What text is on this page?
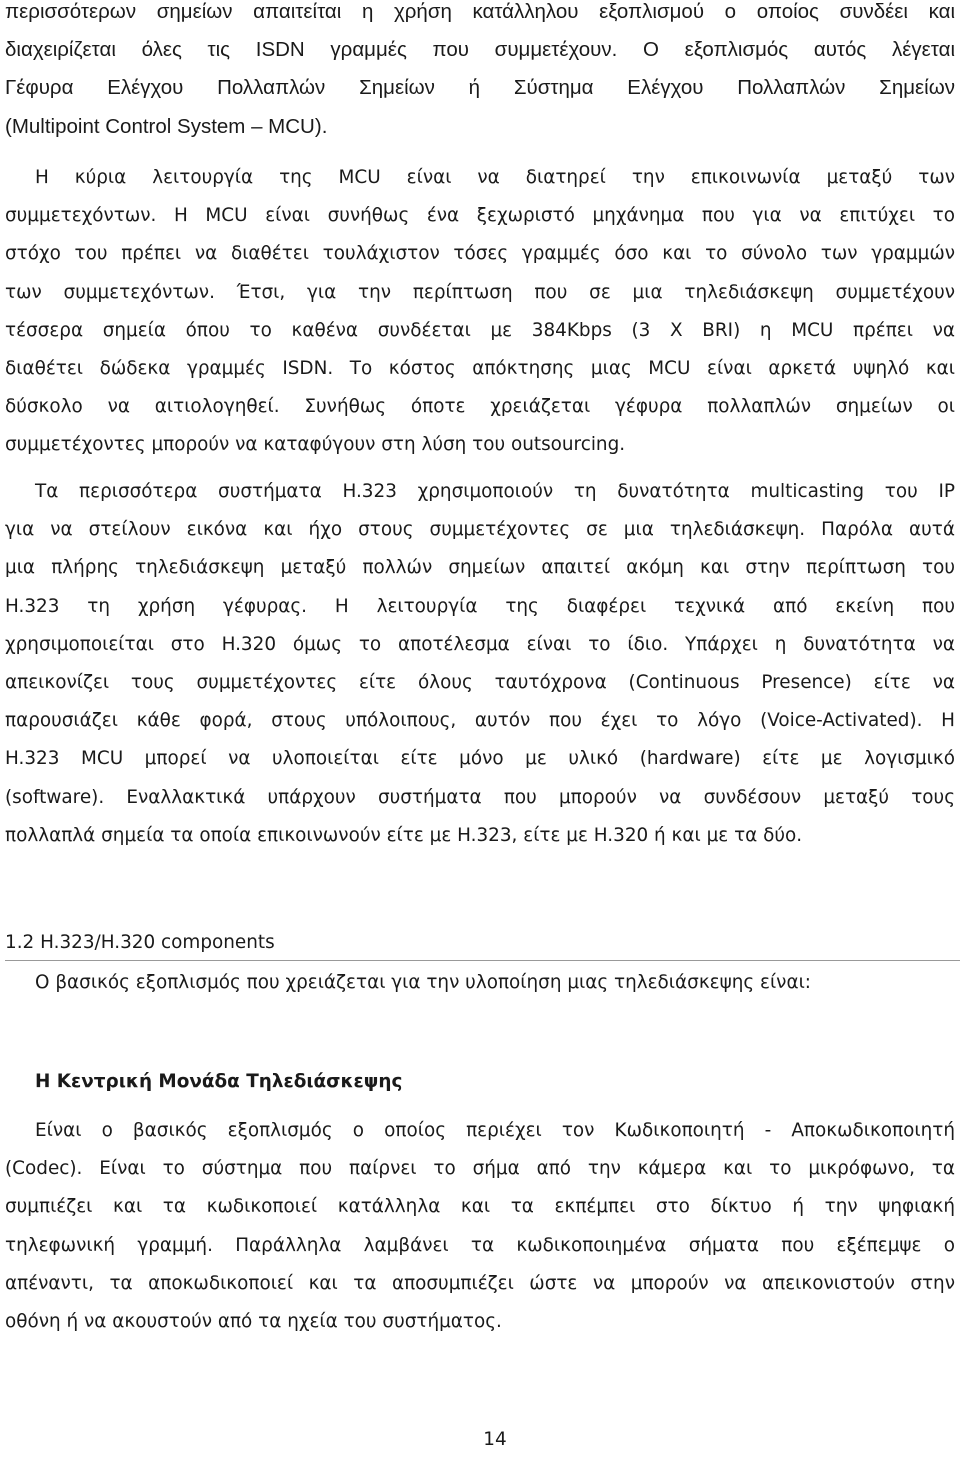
περισσότερων σημείων απαιτείται η χρήση κατάλληλου εξοπλισμού ο οποίος συνδέει και
διαχειρίζεται όλες τις ISDN γραμμές που συμμετέχουν. Ο εξοπλισμός αυτός λέγεται
Γέφυρα Ελέγχου Πολλαπλών Σημείων ή Σύστημα Ελέγχου Πολλαπλών Σημείων
(Multipoint Control System – MCU).
Η κύρια λειτουργία της MCU είναι να διατηρεί την επικοινωνία μεταξύ των
συμμετεχόντων. Η MCU είναι συνήθως ένα ξεχωριστό μηχάνημα που για να επιτύχει το
στόχο του πρέπει να διαθέτει τουλάχιστον τόσες γραμμές όσο και το σύνολο των γραμμών
των συμμετεχόντων. Έτσι, για την περίπτωση που σε μια τηλεδιάσκεψη συμμετέχουν
τέσσερα σημεία όπου το καθένα συνδέεται με 384Kbps (3 X BRI) η MCU πρέπει να
διαθέτει δώδεκα γραμμές ISDN. Το κόστος απόκτησης μιας MCU είναι αρκετά υψηλό και
δύσκολο να αιτιολογηθεί. Συνήθως όποτε χρειάζεται γέφυρα πολλαπλών σημείων οι
συμμετέχοντες μπορούν να καταφύγουν στη λύση του outsourcing.
Τα περισσότερα συστήματα H.323 χρησιμοποιούν τη δυνατότητα multicasting του IP
για να στείλουν εικόνα και ήχο στους συμμετέχοντες σε μια τηλεδιάσκεψη. Παρόλα αυτά
μια πλήρης τηλεδιάσκεψη μεταξύ πολλών σημείων απαιτεί ακόμη και στην περίπτωση του
H.323 τη χρήση γέφυρας. Η λειτουργία της διαφέρει τεχνικά από εκείνη που
χρησιμοποιείται στο H.320 όμως το αποτέλεσμα είναι το ίδιο. Υπάρχει η δυνατότητα να
απεικονίζει τους συμμετέχοντες είτε όλους ταυτόχρονα (Continuous Presence) είτε να
παρουσιάζει κάθε φορά, στους υπόλοιπους, αυτόν που έχει το λόγο (Voice-Activated). Η
H.323 MCU μπορεί να υλοποιείται είτε μόνο με υλικό (hardware) είτε με λογισμικό
(software). Εναλλακτικά υπάρχουν συστήματα που μπορούν να συνδέσουν μεταξύ τους
πολλαπλά σημεία τα οποία επικοινωνούν είτε με H.323, είτε με H.320 ή και με τα δύο.
1.2 H.323/H.320 components
Ο βασικός εξοπλισμός που χρειάζεται για την υλοποίηση μιας τηλεδιάσκεψης είναι:
Η Κεντρική Μονάδα Τηλεδιάσκεψης
Είναι ο βασικός εξοπλισμός ο οποίος περιέχει τον Κωδικοποιητή - Αποκωδικοποιητή
(Codec). Είναι το σύστημα που παίρνει το σήμα από την κάμερα και το μικρόφωνο, τα
συμπιέζει και τα κωδικοποιεί κατάλληλα και τα εκπέμπει στο δίκτυο ή την ψηφιακή
τηλεφωνική γραμμή. Παράλληλα λαμβάνει τα κωδικοποιημένα σήματα που εξέπεμψε ο
απέναντι, τα αποκωδικοποιεί και τα αποσυμπιέζει ώστε να μπορούν να απεικονιστούν στην
οθόνη ή να ακουστούν από τα ηχεία του συστήματος.
14
